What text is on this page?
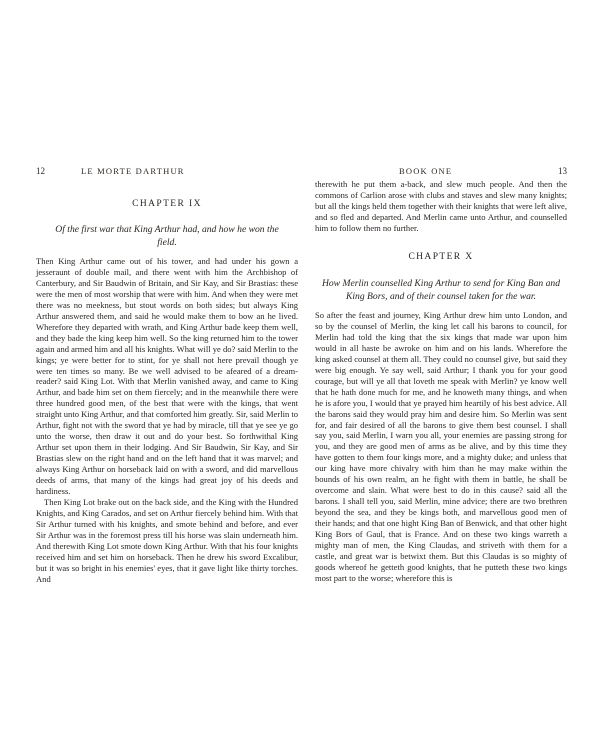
12	LE MORTE DARTHUR
CHAPTER IX
Of the first war that King Arthur had, and how he won the field.

Then King Arthur came out of his tower, and had under his gown a jesseraunt of double mail, and there went with him the Archbishop of Canterbury, and Sir Baudwin of Britain, and Sir Kay, and Sir Brastias: these were the men of most worship that were with him. And when they were met there was no meekness, but stout words on both sides; but always King Arthur answered them, and said he would make them to bow an he lived. Wherefore they departed with wrath, and King Arthur bade keep them well, and they bade the king keep him well. So the king returned him to the tower again and armed him and all his knights. What will ye do? said Merlin to the kings; ye were better for to stint, for ye shall not here prevail though ye were ten times so many. Be we well advised to be afeared of a dream-reader? said King Lot. With that Merlin vanished away, and came to King Arthur, and bade him set on them fiercely; and in the meanwhile there were three hundred good men, of the best that were with the kings, that went straight unto King Arthur, and that comforted him greatly. Sir, said Merlin to Arthur, fight not with the sword that ye had by miracle, till that ye see ye go unto the worse, then draw it out and do your best. So forthwithal King Arthur set upon them in their lodging. And Sir Baudwin, Sir Kay, and Sir Brastias slew on the right hand and on the left hand that it was marvel; and always King Arthur on horseback laid on with a sword, and did marvellous deeds of arms, that many of the kings had great joy of his deeds and hardiness.

Then King Lot brake out on the back side, and the King with the Hundred Knights, and King Carados, and set on Arthur fiercely behind him. With that Sir Arthur turned with his knights, and smote behind and before, and ever Sir Arthur was in the foremost press till his horse was slain underneath him. And therewith King Lot smote down King Arthur. With that his four knights received him and set him on horseback. Then he drew his sword Excalibur, but it was so bright in his enemies' eyes, that it gave light like thirty torches. And

BOOK ONE	13

therewith he put them a-back, and slew much people. And then the commons of Carlion arose with clubs and staves and slew many knights; but all the kings held them together with their knights that were left alive, and so fled and departed. And Merlin came unto Arthur, and counselled him to follow them no further.

CHAPTER X
How Merlin counselled King Arthur to send for King Ban and King Bors, and of their counsel taken for the war.

So after the feast and journey, King Arthur drew him unto London, and so by the counsel of Merlin, the king let call his barons to council, for Merlin had told the king that the six kings that made war upon him would in all haste be awroke on him and on his lands. Wherefore the king asked counsel at them all. They could no counsel give, but said they were big enough. Ye say well, said Arthur; I thank you for your good courage, but will ye all that loveth me speak with Merlin? ye know well that he hath done much for me, and he knoweth many things, and when he is afore you, I would that ye prayed him heartily of his best advice. All the barons said they would pray him and desire him. So Merlin was sent for, and fair desired of all the barons to give them best counsel. I shall say you, said Merlin, I warn you all, your enemies are passing strong for you, and they are good men of arms as be alive, and by this time they have gotten to them four kings more, and a mighty duke; and unless that our king have more chivalry with him than he may make within the bounds of his own realm, an he fight with them in battle, he shall be overcome and slain. What were best to do in this cause? said all the barons. I shall tell you, said Merlin, mine advice; there are two brethren beyond the sea, and they be kings both, and marvellous good men of their hands; and that one hight King Ban of Benwick, and that other hight King Bors of Gaul, that is France. And on these two kings warreth a mighty man of men, the King Claudas, and striveth with them for a castle, and great war is betwixt them. But this Claudas is so mighty of goods whereof he getteth good knights, that he putteth these two kings most part to the worse; wherefore this is
